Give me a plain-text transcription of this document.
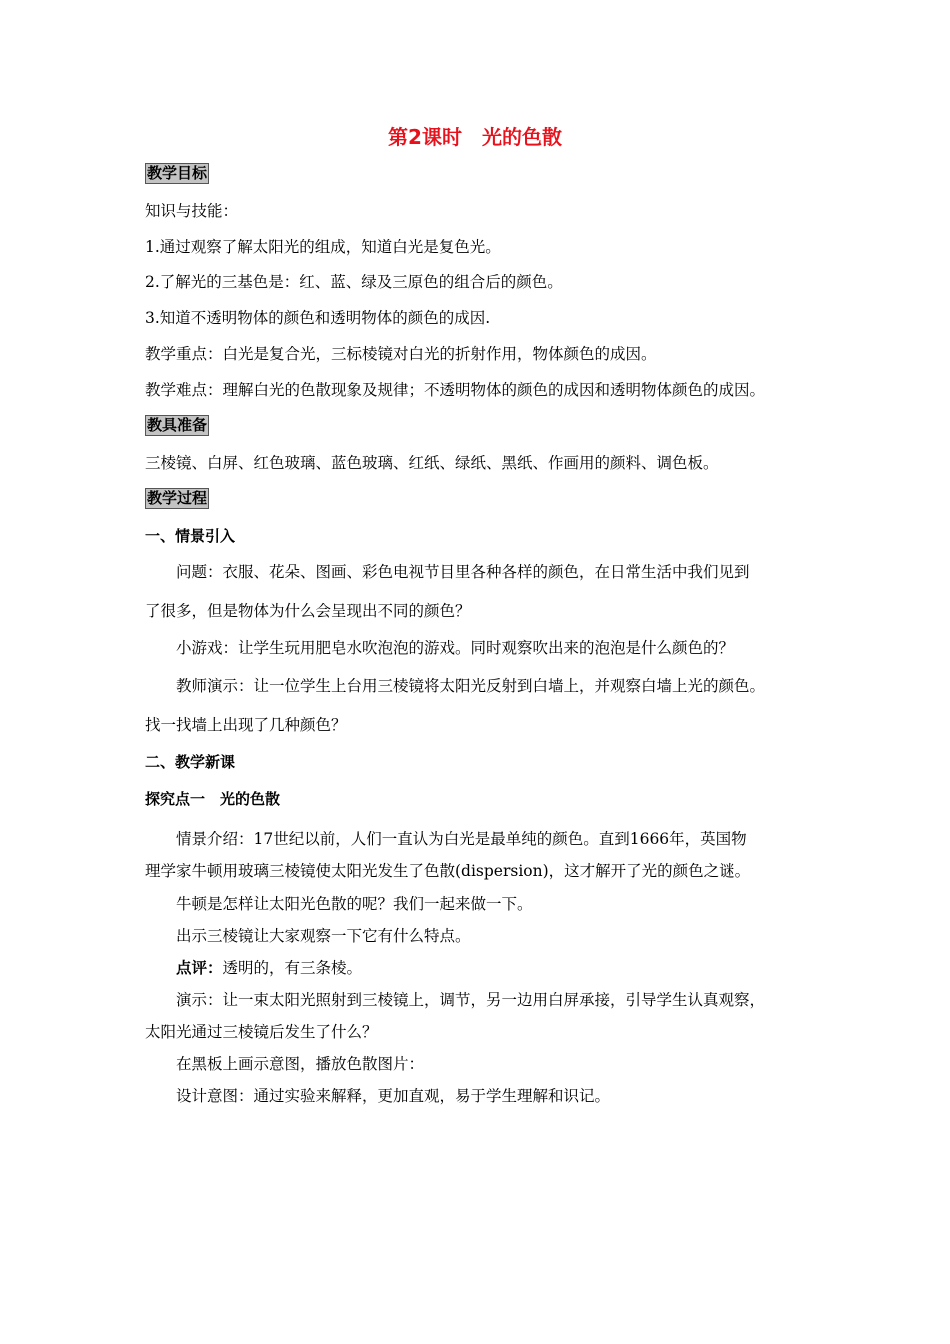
第2课时　光的色散
教学目标
知识与技能：
1.通过观察了解太阳光的组成，知道白光是复色光。
2.了解光的三基色是：红、蓝、绿及三原色的组合后的颜色。
3.知道不透明物体的颜色和透明物体的颜色的成因.
教学重点：白光是复合光，三标棱镜对白光的折射作用，物体颜色的成因。
教学难点：理解白光的色散现象及规律；不透明物体的颜色的成因和透明物体颜色的成因。
教具准备
三棱镜、白屏、红色玻璃、蓝色玻璃、红纸、绿纸、黑纸、作画用的颜料、调色板。
教学过程
一、情景引入
问题：衣服、花朵、图画、彩色电视节目里各种各样的颜色，在日常生活中我们见到
了很多，但是物体为什么会呈现出不同的颜色？
小游戏：让学生玩用肥皂水吹泡泡的游戏。同时观察吹出来的泡泡是什么颜色的？
教师演示：让一位学生上台用三棱镜将太阳光反射到白墙上，并观察白墙上光的颜色。
找一找墙上出现了几种颜色？
二、教学新课
探究点一　光的色散
情景介绍：17世纪以前，人们一直认为白光是最单纯的颜色。直到1666年，英国物
理学家牛顿用玻璃三棱镜使太阳光发生了色散(dispersion)，这才解开了光的颜色之谜。
牛顿是怎样让太阳光色散的呢？我们一起来做一下。
出示三棱镜让大家观察一下它有什么特点。
点评：透明的，有三条棱。
演示：让一束太阳光照射到三棱镜上，调节，另一边用白屏承接，引导学生认真观察，
太阳光通过三棱镜后发生了什么？
在黑板上画示意图，播放色散图片：
设计意图：通过实验来解释，更加直观，易于学生理解和识记。
